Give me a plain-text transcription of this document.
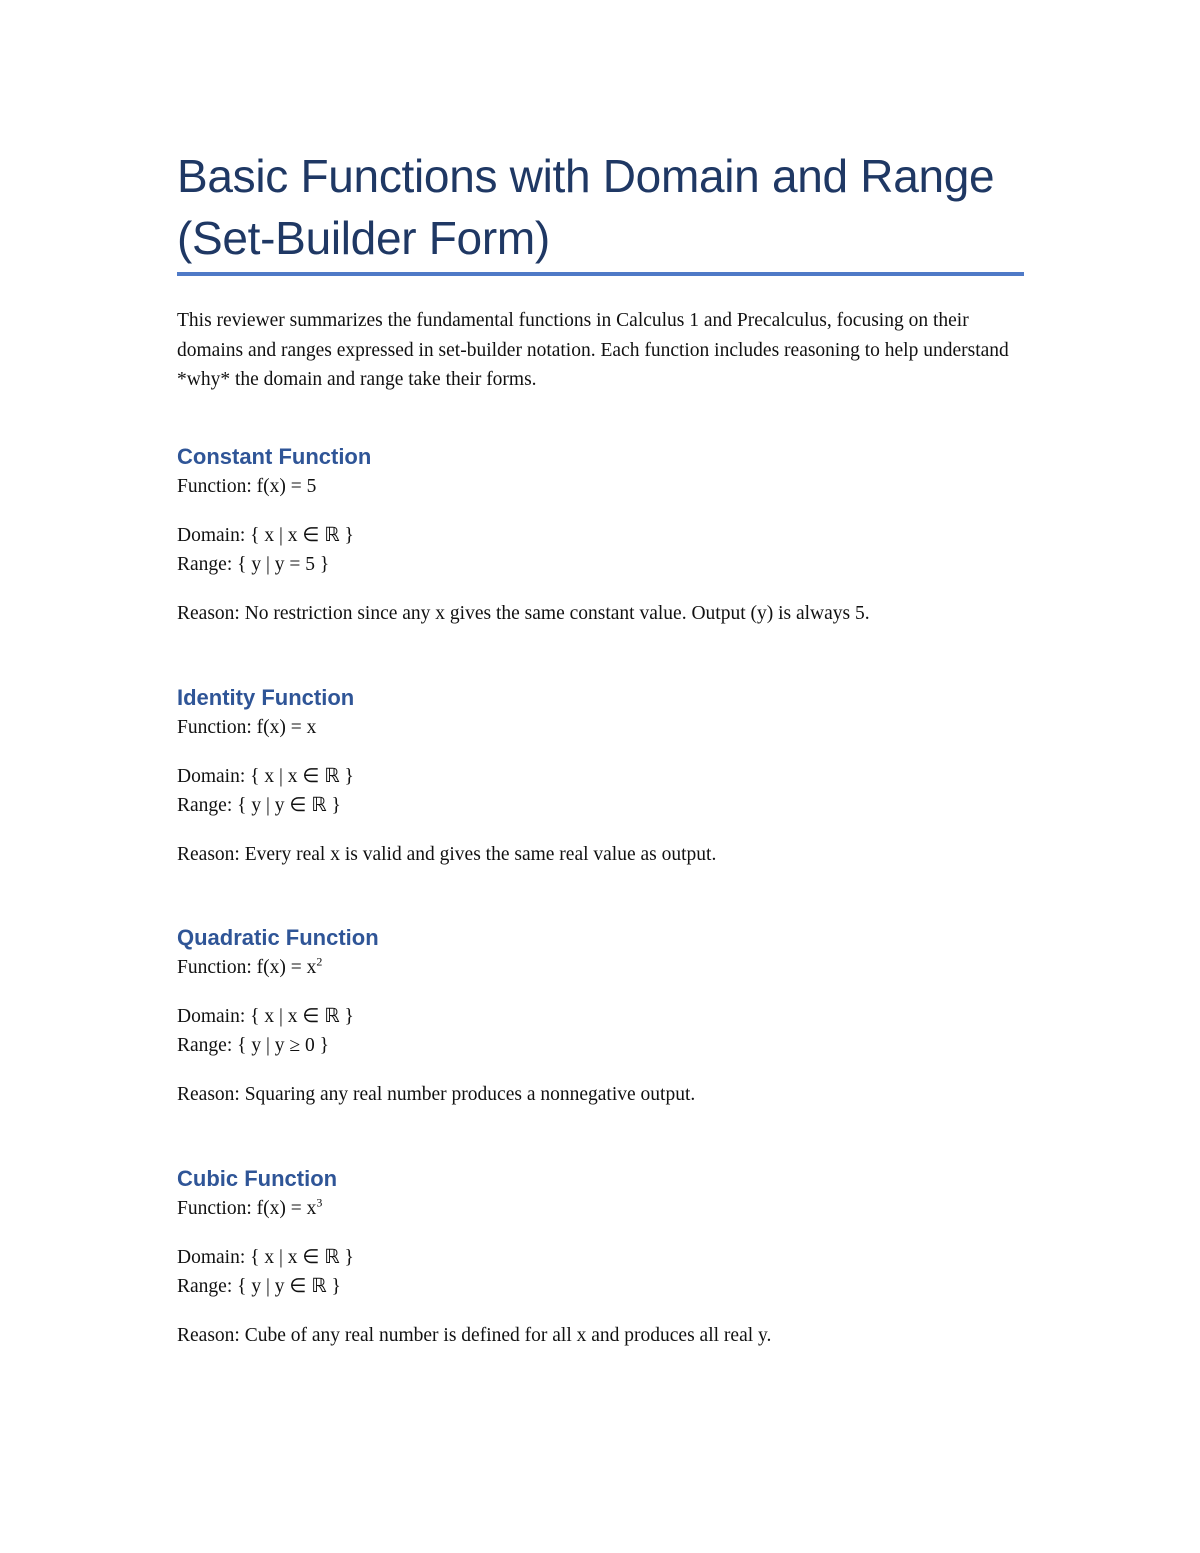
Basic Functions with Domain and Range (Set-Builder Form)

This reviewer summarizes the fundamental functions in Calculus 1 and Precalculus, focusing on their domains and ranges expressed in set-builder notation. Each function includes reasoning to help understand *why* the domain and range take their forms.

Constant Function

Function: f(x) = 5

Domain: { x | x ∈ ℝ }

Range: { y | y = 5 }

Reason: No restriction since any x gives the same constant value. Output (y) is always 5.

Identity Function

Function: f(x) = x

Domain: { x | x ∈ ℝ }

Range: { y | y ∈ ℝ }

Reason: Every real x is valid and gives the same real value as output.

Quadratic Function

Function: $f(x) = x^2$

Domain: { x | x ∈ ℝ }

Range: { y | y ≥ 0 }

Reason: Squaring any real number produces a nonnegative output.

Cubic Function

Function: $f(x) = x^3$

Domain: { x | x ∈ ℝ }

Range: { y | y ∈ ℝ }

Reason: Cube of any real number is defined for all x and produces all real y.
